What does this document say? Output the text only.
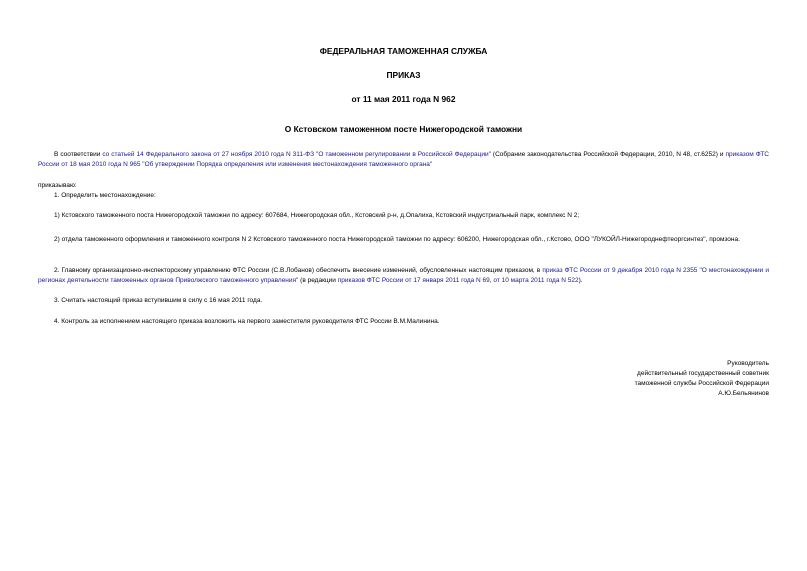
ФЕДЕРАЛЬНАЯ ТАМОЖЕННАЯ СЛУЖБА
ПРИКАЗ
от 11 мая 2011 года N 962
О Кстовском таможенном посте Нижегородской таможни
В соответствии со статьей 14 Федерального закона от 27 ноября 2010 года N 311-ФЗ "О таможенном регулировании в Российской Федерации" (Собрание законодательства Российской Федерации, 2010, N 48, ст.6252) и приказом ФТС России от 18 мая 2010 года N 965 "Об утверждении Порядка определения или изменения местонахождения таможенного органа"
приказываю:
1. Определить местонахождение:
1) Кстовского таможенного поста Нижегородской таможни по адресу: 607684, Нижегородская обл., Кстовский р-н, д.Опалиха, Кстовский индустриальный парк, комплекс N 2;
2) отдела таможенного оформления и таможенного контроля N 2 Кстовского таможенного поста Нижегородской таможни по адресу: 606200, Нижегородская обл., г.Кстово, ООО "ЛУКОЙЛ-Нижегороднефтеоргсинтез", промзона.
2. Главному организационно-инспекторскому управлению ФТС России (С.В.Лобанов) обеспечить внесение изменений, обусловленных настоящим приказом, в приказ ФТС России от 9 декабря 2010 года N 2355 "О местонахождении и регионах деятельности таможенных органов Приволжского таможенного управления" (в редакции приказов ФТС России от 17 января 2011 года N 69, от 10 марта 2011 года N 522).
3. Считать настоящий приказ вступившим в силу с 16 мая 2011 года.
4. Контроль за исполнением настоящего приказа возложить на первого заместителя руководителя ФТС России В.М.Малинина.
Руководитель
действительный государственный советник
таможенной службы Российской Федерации
А.Ю.Бельянинов
